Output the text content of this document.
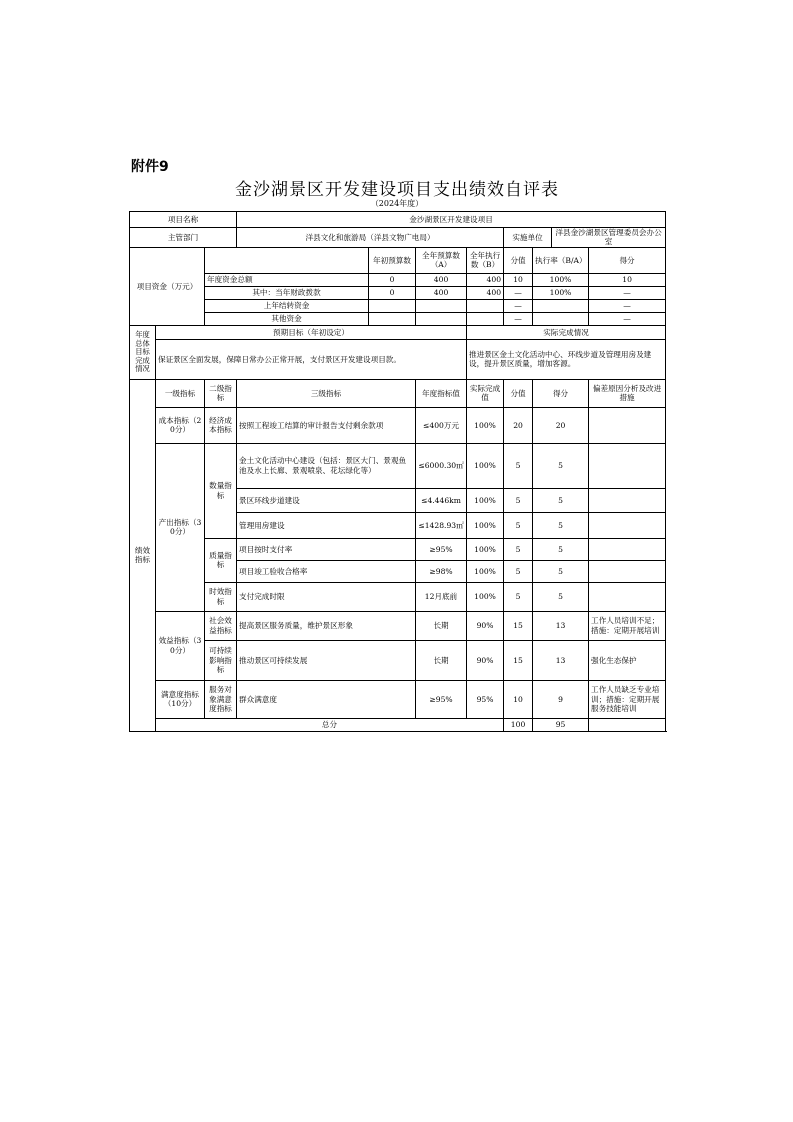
附件9
金沙湖景区开发建设项目支出绩效自评表
（2024年度）
项目名称			金沙湖景区开发建设项目							
主管部门			洋县文化和旅游局（洋县文物广电局）				实施单位		洋县金沙湖景区管理委员会办公室	
项目资金（万元）				年初预算数	全年预算数（A）	全年执行数（B）	分值	执行率（B/A）		得分
		年度资金总额		0	400	400	10	100%		10
		其中：当年财政拨款		0	400	400	—	100%		—
		上年结转资金					—			—
		其他资金					—			—
年度总体目标完成情况	预期目标（年初设定）					实际完成情况				
	保证景区全面发展，保障日常办公正常开展，支付景区开发建设项目款。					推进景区金土文化活动中心、环线步道及管理用房及建设，提升景区质量，增加客源。				
绩效指标	一级指标	二级指标	三级指标		年度指标值	实际完成值	分值	得分		偏差原因分析及改进措施
	成本指标（20分）	经济成本指标	按照工程竣工结算的审计报告支付剩余款项		≤400万元	100%	20	20		
	产出指标（30分）	数量指标	金土文化活动中心建设（包括：景区大门、景观鱼池及水上长廊、景观喷泉、花坛绿化等）		≤6000.30㎡	100%	5	5		
			景区环线步道建设		≤4.446km	100%	5	5		
			管理用房建设		≤1428.93㎡	100%	5	5		
		质量指标	项目按时支付率		≥95%	100%	5	5		
			项目竣工验收合格率		≥98%	100%	5	5		
		时效指标	支付完成时限		12月底前	100%	5	5		
	效益指标（30分）	社会效益指标	提高景区服务质量，维护景区形象		长期	90%	15	13		工作人员培训不足；措施：定期开展培训
		可持续影响指标	推动景区可持续发展		长期	90%	15	13		强化生态保护
	满意度指标（10分）	服务对象满意度指标	群众满意度		≥95%	95%	10	9		工作人员缺乏专业培训；措施：定期开展服务技能培训
	总分						100	95		
